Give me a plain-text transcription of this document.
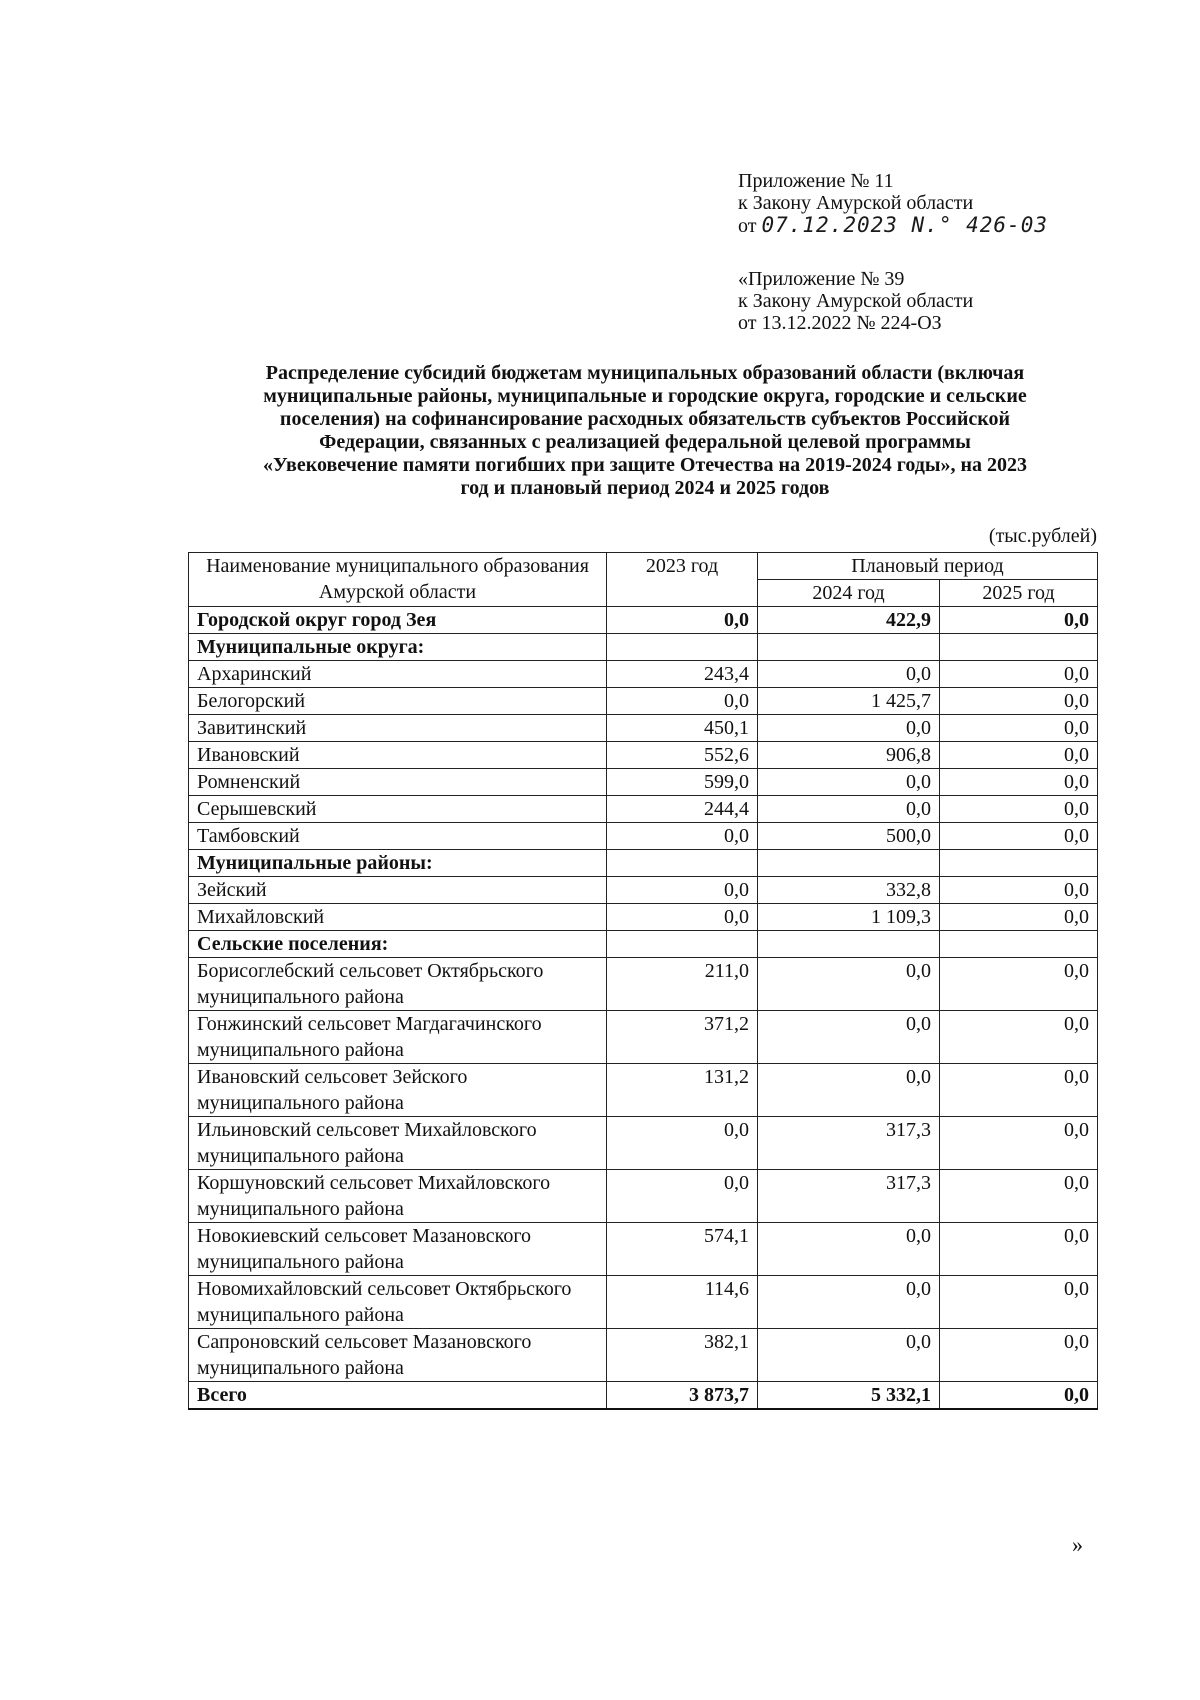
Приложение № 11
к Закону Амурской области
от 07.12.2023 N.° 426-03
«Приложение № 39
к Закону Амурской области
от 13.12.2022 № 224-ОЗ
Распределение субсидий бюджетам муниципальных образований области (включая
муниципальные районы, муниципальные и городские округа, городские и сельские
поселения) на софинансирование расходных обязательств субъектов Российской
Федерации, связанных с реализацией федеральной целевой программы
«Увековечение памяти погибших при защите Отечества на 2019-2024 годы», на 2023
год и плановый период 2024 и 2025 годов
(тыс.рублей)
Наименование муниципального образования Амурской области	2023 год	Плановый период	
		2024 год	2025 год
Городской округ город Зея	0,0	422,9	0,0
Муниципальные округа:			
Архаринский	243,4	0,0	0,0
Белогорский	0,0	1 425,7	0,0
Завитинский	450,1	0,0	0,0
Ивановский	552,6	906,8	0,0
Ромненский	599,0	0,0	0,0
Серышевский	244,4	0,0	0,0
Тамбовский	0,0	500,0	0,0
Муниципальные районы:			
Зейский	0,0	332,8	0,0
Михайловский	0,0	1 109,3	0,0
Сельские поселения:			
Борисоглебский сельсовет Октябрьского муниципального района	211,0	0,0	0,0
Гонжинский сельсовет Магдагачинского муниципального района	371,2	0,0	0,0
Ивановский сельсовет Зейского муниципального района	131,2	0,0	0,0
Ильиновский сельсовет Михайловского муниципального района	0,0	317,3	0,0
Коршуновский сельсовет Михайловского муниципального района	0,0	317,3	0,0
Новокиевский сельсовет Мазановского муниципального района	574,1	0,0	0,0
Новомихайловский сельсовет Октябрьского муниципального района	114,6	0,0	0,0
Сапроновский сельсовет Мазановского муниципального района	382,1	0,0	0,0
Всего	3 873,7	5 332,1	0,0
»
